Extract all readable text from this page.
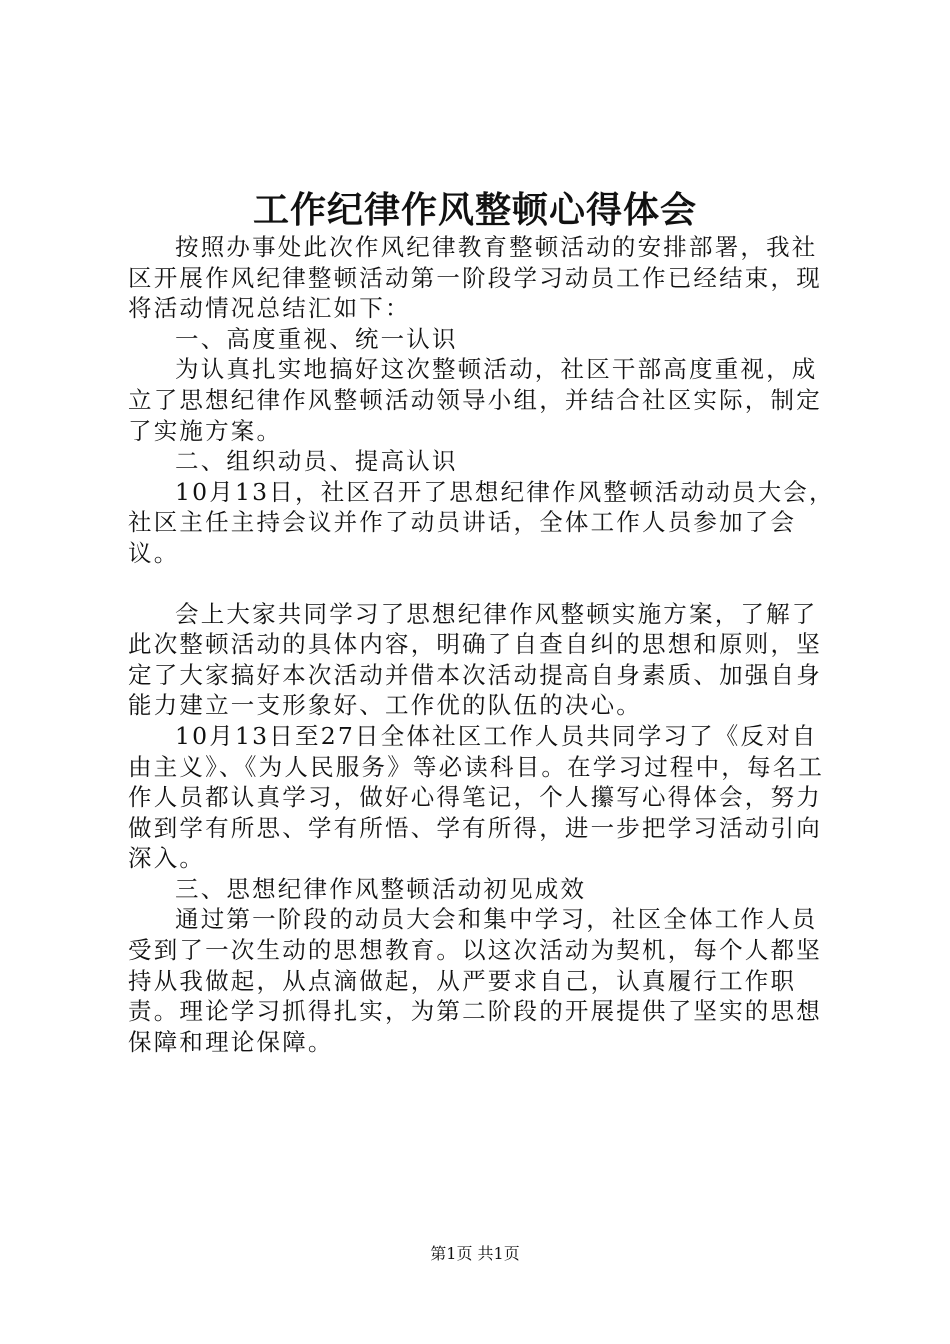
工作纪律作风整顿心得体会

按照办事处此次作风纪律教育整顿活动的安排部署，我社区开展作风纪律整顿活动第一阶段学习动员工作已经结束，现将活动情况总结汇如下：

一、高度重视、统一认识

为认真扎实地搞好这次整顿活动，社区干部高度重视，成立了思想纪律作风整顿活动领导小组，并结合社区实际，制定了实施方案。

二、组织动员、提高认识

10月13日，社区召开了思想纪律作风整顿活动动员大会，社区主任主持会议并作了动员讲话，全体工作人员参加了会议。

会上大家共同学习了思想纪律作风整顿实施方案，了解了此次整顿活动的具体内容，明确了自查自纠的思想和原则，坚定了大家搞好本次活动并借本次活动提高自身素质、加强自身能力建立一支形象好、工作优的队伍的决心。

10月13日至27日全体社区工作人员共同学习了《反对自由主义》、《为人民服务》等必读科目。在学习过程中，每名工作人员都认真学习，做好心得笔记，个人攥写心得体会，努力做到学有所思、学有所悟、学有所得，进一步把学习活动引向深入。

三、思想纪律作风整顿活动初见成效

通过第一阶段的动员大会和集中学习，社区全体工作人员受到了一次生动的思想教育。以这次活动为契机，每个人都坚持从我做起，从点滴做起，从严要求自己，认真履行工作职责。理论学习抓得扎实，为第二阶段的开展提供了坚实的思想保障和理论保障。

第1页 共1页
